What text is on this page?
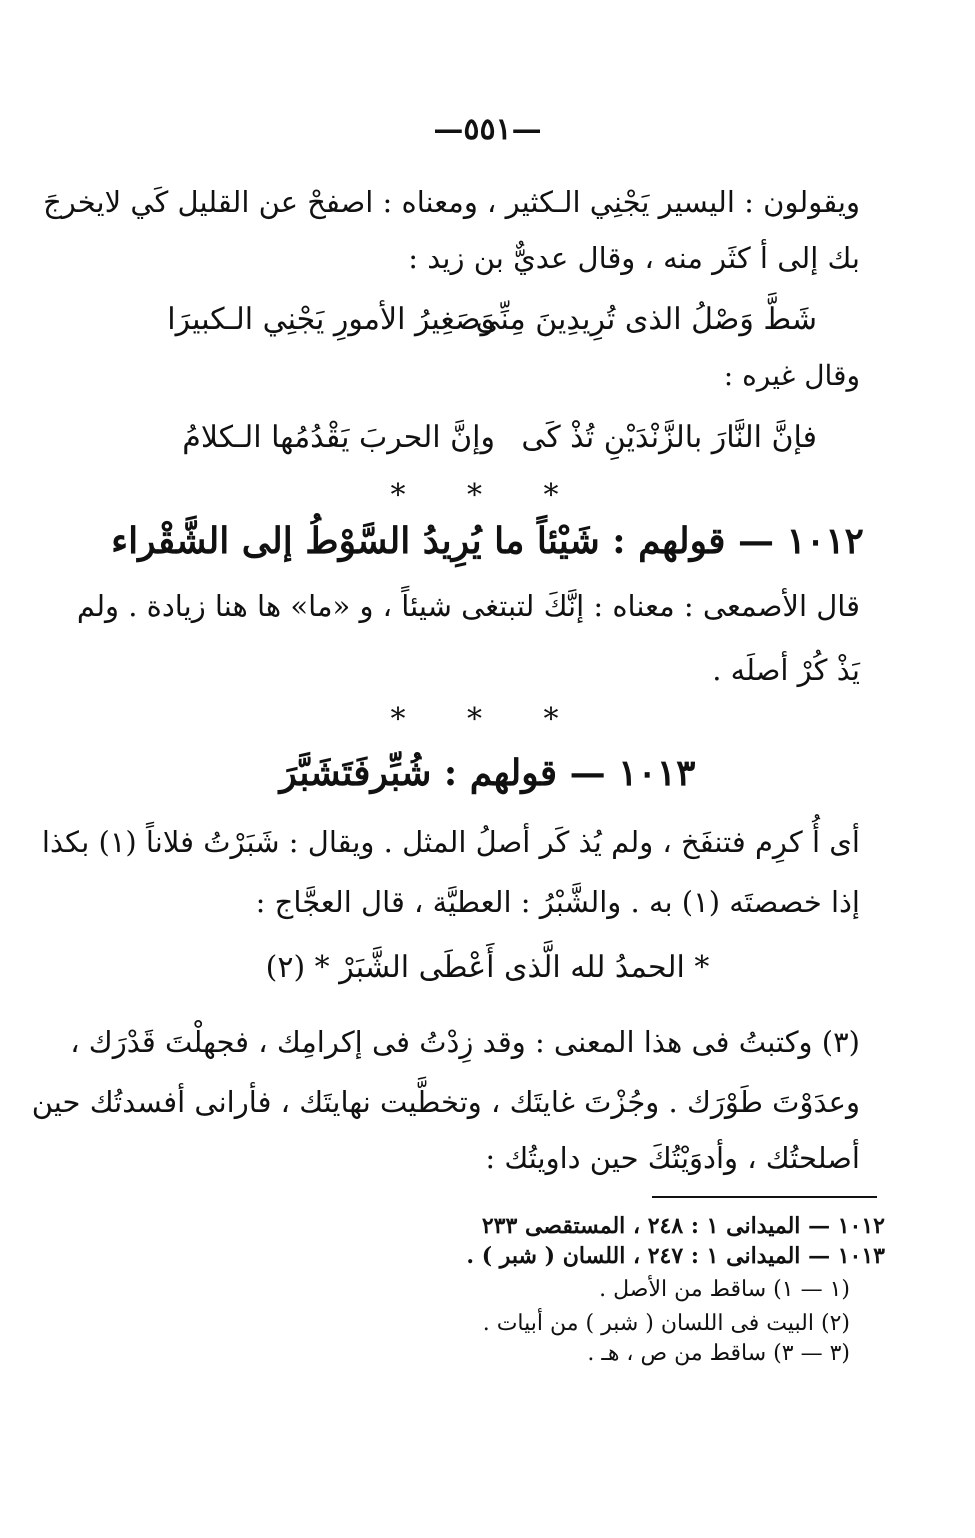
—٥٥١—
ويقولون : اليسير يَجْنِي الـكثير ، ومعناه : اصفحْ عن القليل كَي لايخرجَ
بك إلى أ كثَر منه ، وقال عديٌّ بن زيد :
شَطَّ وَصْلُ الذى تُرِيدِينَ مِنِّى
وَصَغِيرُ الأمورِ يَجْنِي الـكبيرَا
وقال غيره :
فإنَّ النَّارَ بالزَّنْدَيْنِ تُذْ كَى
وإنَّ الحربَ يَقْدُمُها الـكلامُ
* * *
١٠١٢ — قولهم : شَيْئاً ما يُرِيدُ السَّوْطُ إلى الشَّقْراء
قال الأصمعى : معناه : إنَّكَ لتبتغى شيئاً ، و «ما» ها هنا زيادة . ولم
يَذْ كُرْ أصلَه .
* * *
١٠١٣ — قولهم : شُبِّرفَتَشَبَّرَ
أى أُ كرِم فتنفَخ ، ولم يُذ كَر أصلُ المثل . ويقال : شَبَرْتُ فلاناً (١) بكذا
إذا خصصتَه (١) به . والشَّبْرُ : العطيَّة ، قال العجَّاج :
* الحمدُ لله الَّذى أَعْطَى الشَّبَرْ * (٢)
(٣) وكتبتُ فى هذا المعنى : وقد زِدْتُ فى إكرامِك ، فجهلْتَ قَدْرَك ،
وعدَوْتَ طَوْرَك . وجُزْتَ غايتَك ، وتخطَّيت نهايتَك ، فأرانى أفسدتُك حين
أصلحتُك ، وأدوَيْتُكَ حين داويتُك :
١٠١٢ — الميدانى ١ : ٢٤٨ ، المستقصى ٢٣٣
١٠١٣ — الميدانى ١ : ٢٤٧ ، اللسان ( شبر ) .
(١ — ١) ساقط من الأصل .
(٢) البيت فى اللسان ( شبر ) من أبيات .
(٣ — ٣) ساقط من ص ، هـ .
